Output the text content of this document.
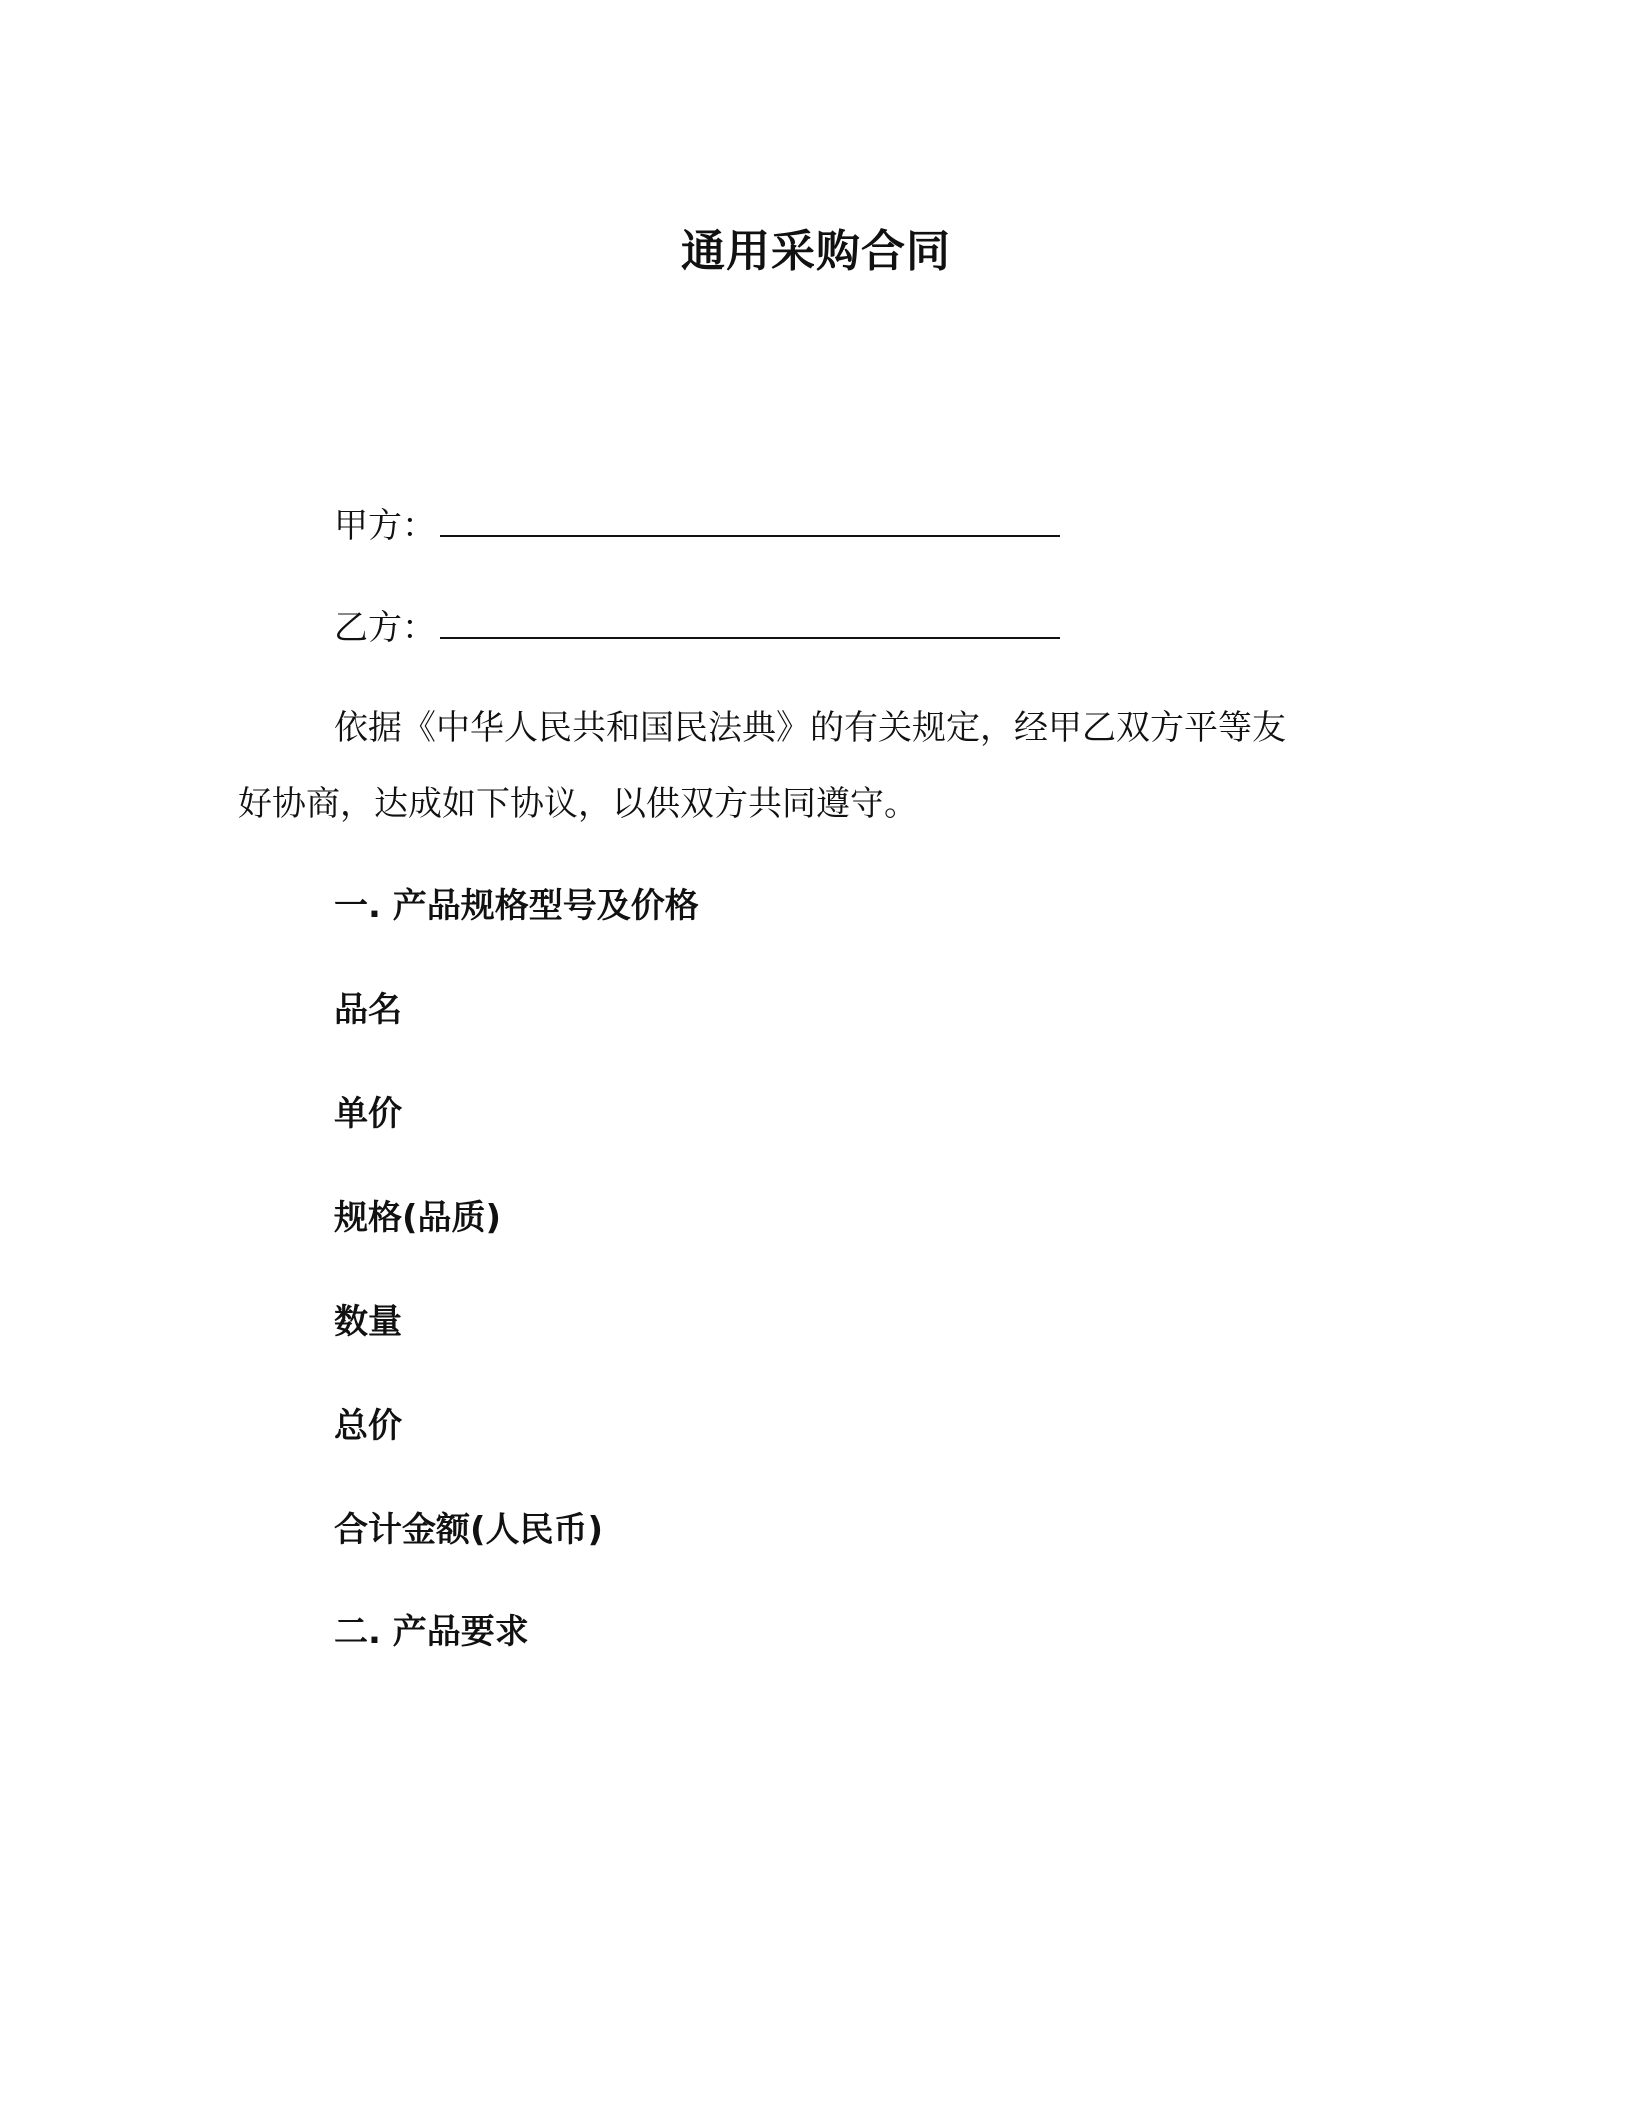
通用采购合同
甲方：
乙方：
依据《中华人民共和国民法典》的有关规定，经甲乙双方平等友
好协商，达成如下协议，以供双方共同遵守。
一. 产品规格型号及价格
品名
单价
规格(品质)
数量
总价
合计金额(人民币)
二. 产品要求
